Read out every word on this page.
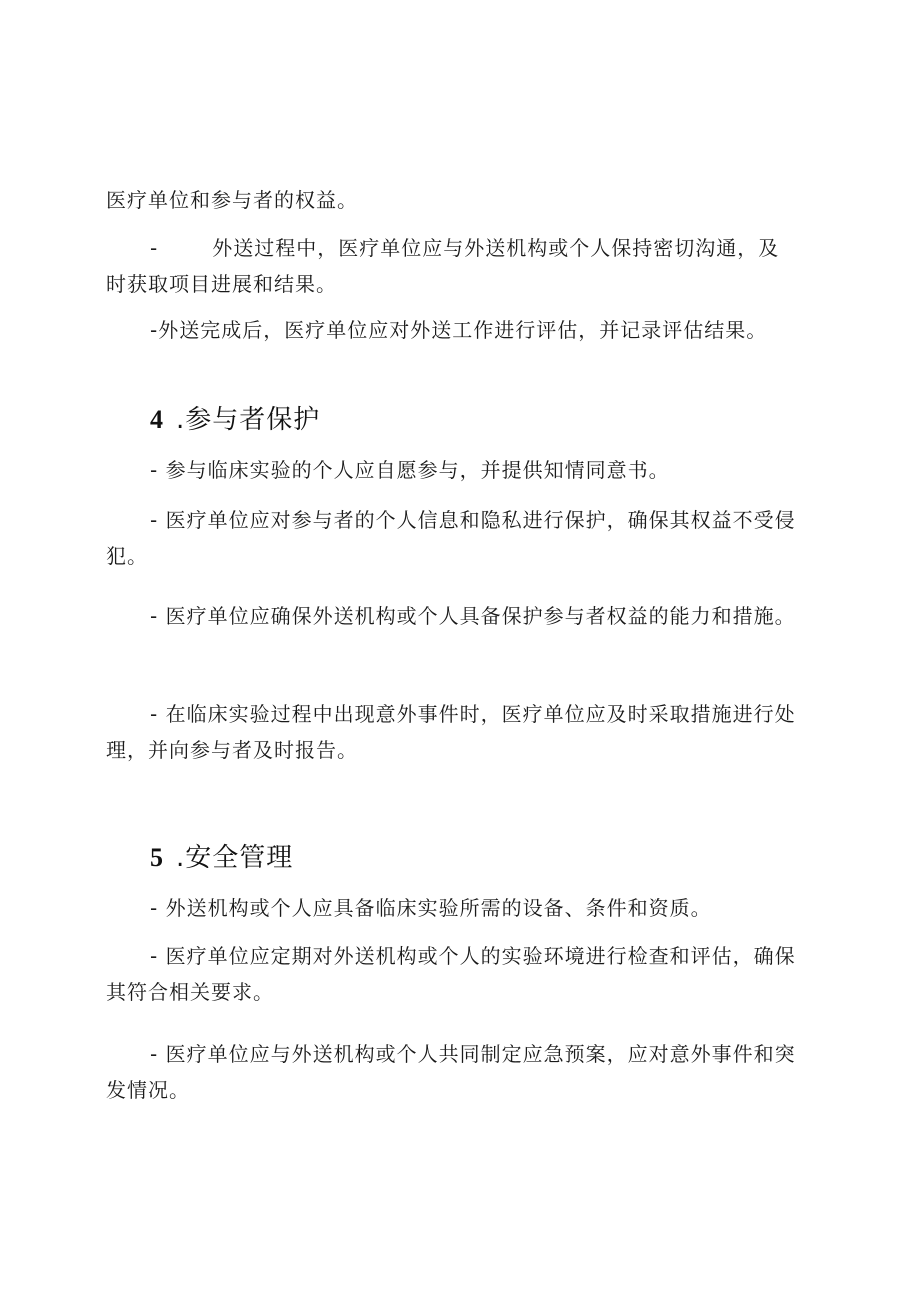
医疗单位和参与者的权益。

-	外送过程中，医疗单位应与外送机构或个人保持密切沟通，及时获取项目进展和结果。

-外送完成后，医疗单位应对外送工作进行评估，并记录评估结果。

4 .参与者保护

- 参与临床实验的个人应自愿参与，并提供知情同意书。

- 医疗单位应对参与者的个人信息和隐私进行保护，确保其权益不受侵犯。

- 医疗单位应确保外送机构或个人具备保护参与者权益的能力和措施。

- 在临床实验过程中出现意外事件时，医疗单位应及时采取措施进行处理，并向参与者及时报告。

5 .安全管理

- 外送机构或个人应具备临床实验所需的设备、条件和资质。

- 医疗单位应定期对外送机构或个人的实验环境进行检查和评估，确保其符合相关要求。

- 医疗单位应与外送机构或个人共同制定应急预案，应对意外事件和突发情况。
